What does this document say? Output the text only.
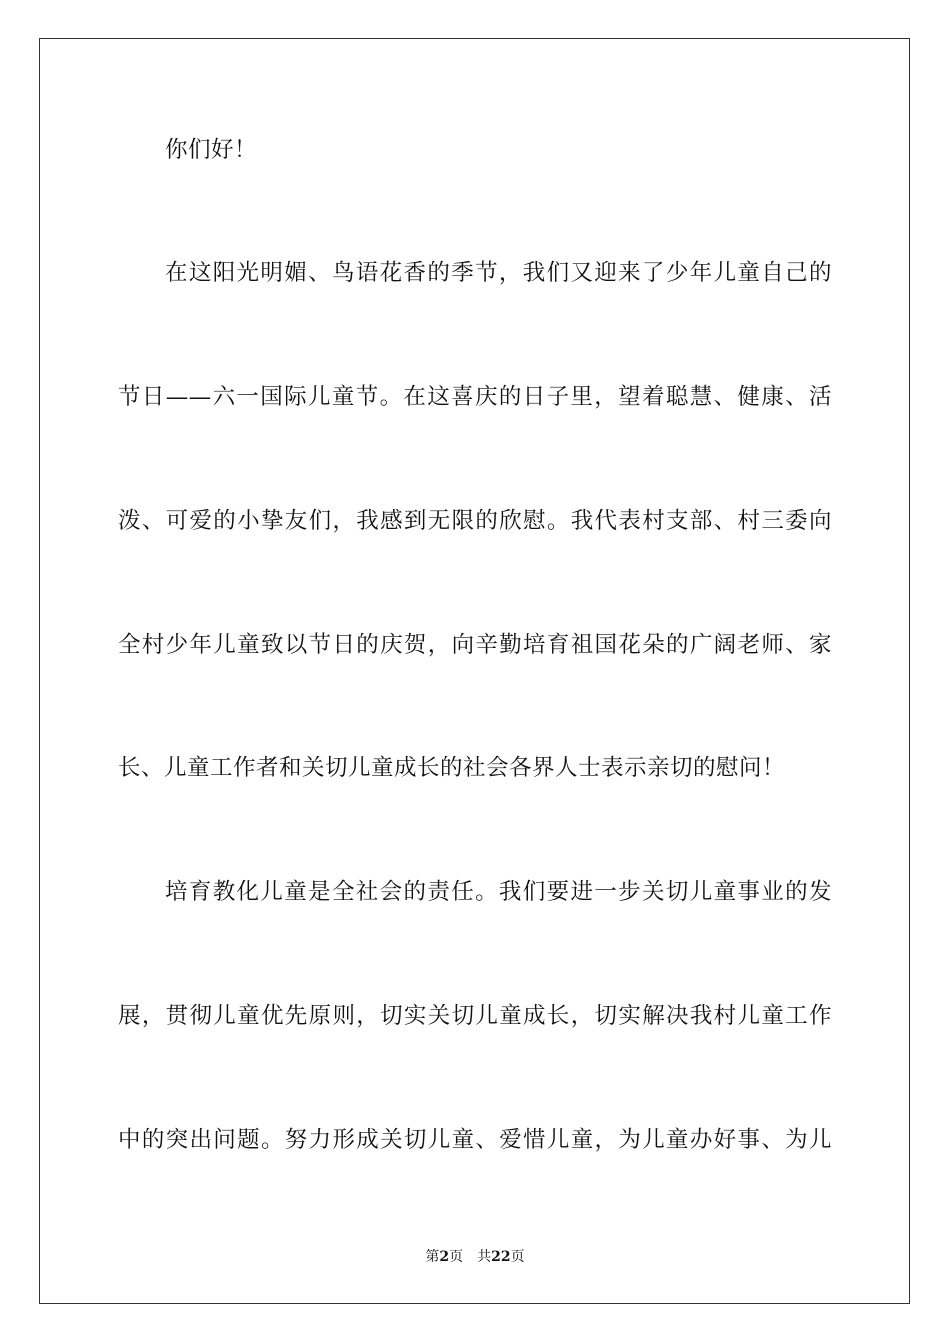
你们好！
在这阳光明媚、鸟语花香的季节，我们又迎来了少年儿童自己的
节日——六一国际儿童节。在这喜庆的日子里，望着聪慧、健康、活
泼、可爱的小挚友们，我感到无限的欣慰。我代表村支部、村三委向
全村少年儿童致以节日的庆贺，向辛勤培育祖国花朵的广阔老师、家
长、儿童工作者和关切儿童成长的社会各界人士表示亲切的慰问！
培育教化儿童是全社会的责任。我们要进一步关切儿童事业的发
展，贯彻儿童优先原则，切实关切儿童成长，切实解决我村儿童工作
中的突出问题。努力形成关切儿童、爱惜儿童，为儿童办好事、为儿
第2页 共22页
